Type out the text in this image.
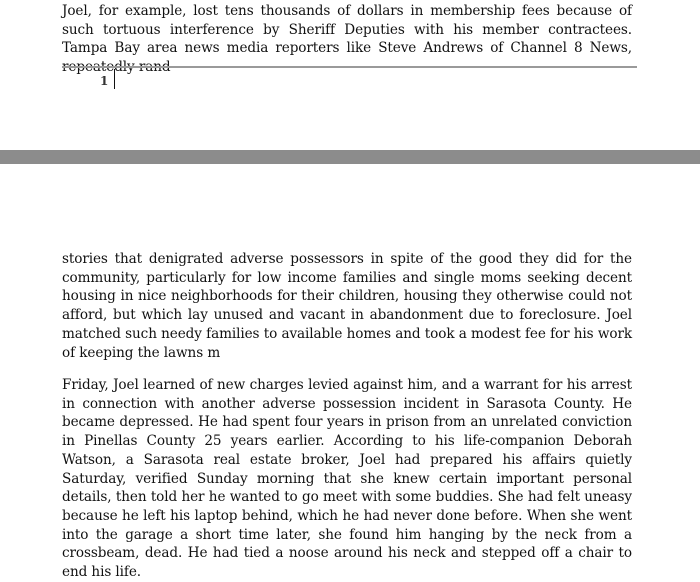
Joel, for example, lost tens thousands of dollars in membership fees because of such tortuous interference by Sheriff Deputies with his member contractees. Tampa Bay area news media reporters like Steve Andrews of Channel 8 News,

1

stories that denigrated adverse possessors in spite of the good they did for the community, particularly for low income families and single moms seeking decent housing in nice neighborhoods for their children, housing they otherwise could not afford, but which lay unused and vacant in abandonment due to foreclosure. Joel matched such needy families to available homes and took a modest fee for his work of keeping the lawns m

Friday, Joel learned of new charges levied against him, and a warrant for his arrest in connection with another adverse possession incident in Sarasota County. He became depressed. He had spent four years in prison from an unrelated conviction in Pinellas County 25 years earlier. According to his life-companion Deborah Watson, a Sarasota real estate broker, Joel had prepared his affairs quietly Saturday, verified Sunday morning that she knew certain important personal details, then told her he wanted to go meet with some buddies. She had felt uneasy because he left his laptop behind, which he had never done before. When she went into the garage a short time later, she found him hanging by the neck from a crossbeam, dead. He had tied a noose around his neck and stepped off a chair to end his life.
